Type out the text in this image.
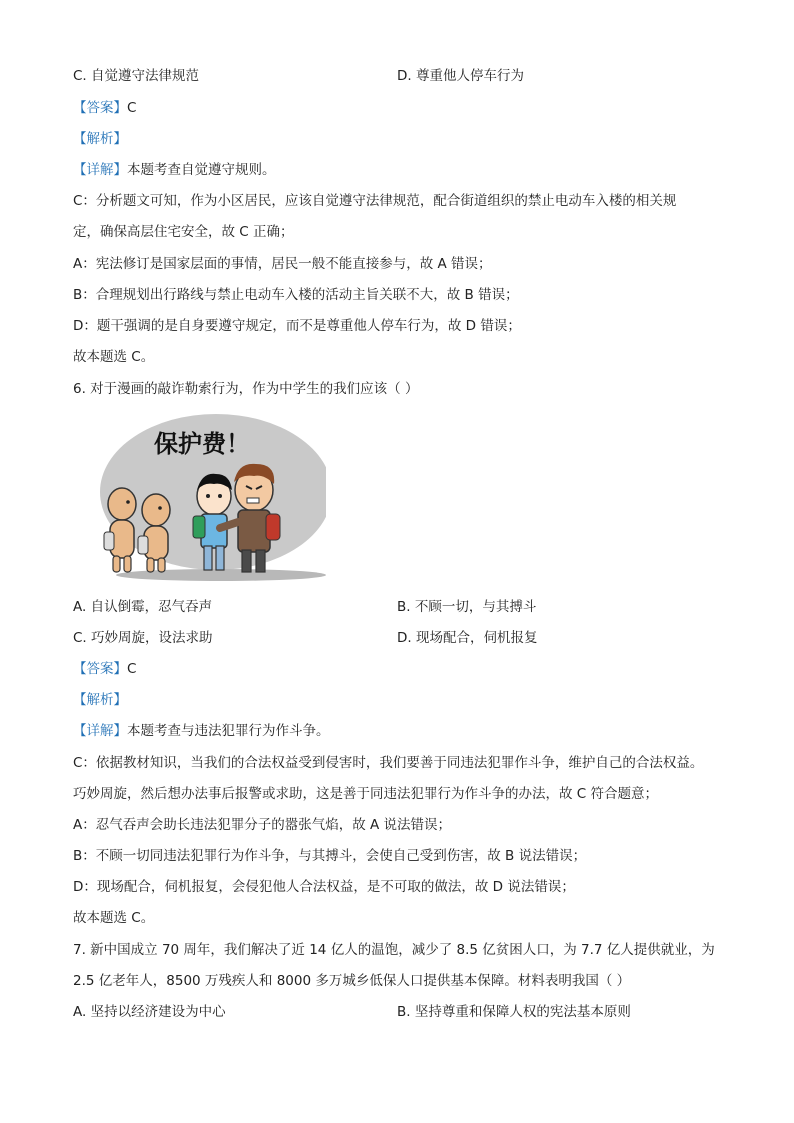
C. 自觉遵守法律规范	D. 尊重他人停车行为
【答案】C
【解析】
【详解】本题考查自觉遵守规则。
C：分析题文可知，作为小区居民，应该自觉遵守法律规范，配合街道组织的禁止电动车入楼的相关规
定，确保高层住宅安全，故 C 正确；
A：宪法修订是国家层面的事情，居民一般不能直接参与，故 A 错误；
B：合理规划出行路线与禁止电动车入楼的活动主旨关联不大，故 B 错误；
D：题干强调的是自身要遵守规定，而不是尊重他人停车行为，故 D 错误；
故本题选 C。
6. 对于漫画的敲诈勒索行为，作为中学生的我们应该（ ）
保护费！
A. 自认倒霉，忍气吞声	B. 不顾一切，与其搏斗
C. 巧妙周旋，设法求助	D. 现场配合，伺机报复
【答案】C
【解析】
【详解】本题考查与违法犯罪行为作斗争。
C：依据教材知识，当我们的合法权益受到侵害时，我们要善于同违法犯罪作斗争，维护自己的合法权益。
巧妙周旋，然后想办法事后报警或求助，这是善于同违法犯罪行为作斗争的办法，故 C 符合题意；
A：忍气吞声会助长违法犯罪分子的嚣张气焰，故 A 说法错误；
B：不顾一切同违法犯罪行为作斗争，与其搏斗，会使自己受到伤害，故 B 说法错误；
D：现场配合，伺机报复，会侵犯他人合法权益，是不可取的做法，故 D 说法错误；
故本题选 C。
7. 新中国成立 70 周年，我们解决了近 14 亿人的温饱，减少了 8.5 亿贫困人口，为 7.7 亿人提供就业，为
2.5 亿老年人，8500 万残疾人和 8000 多万城乡低保人口提供基本保障。材料表明我国（ ）
A. 坚持以经济建设为中心	B. 坚持尊重和保障人权的宪法基本原则
